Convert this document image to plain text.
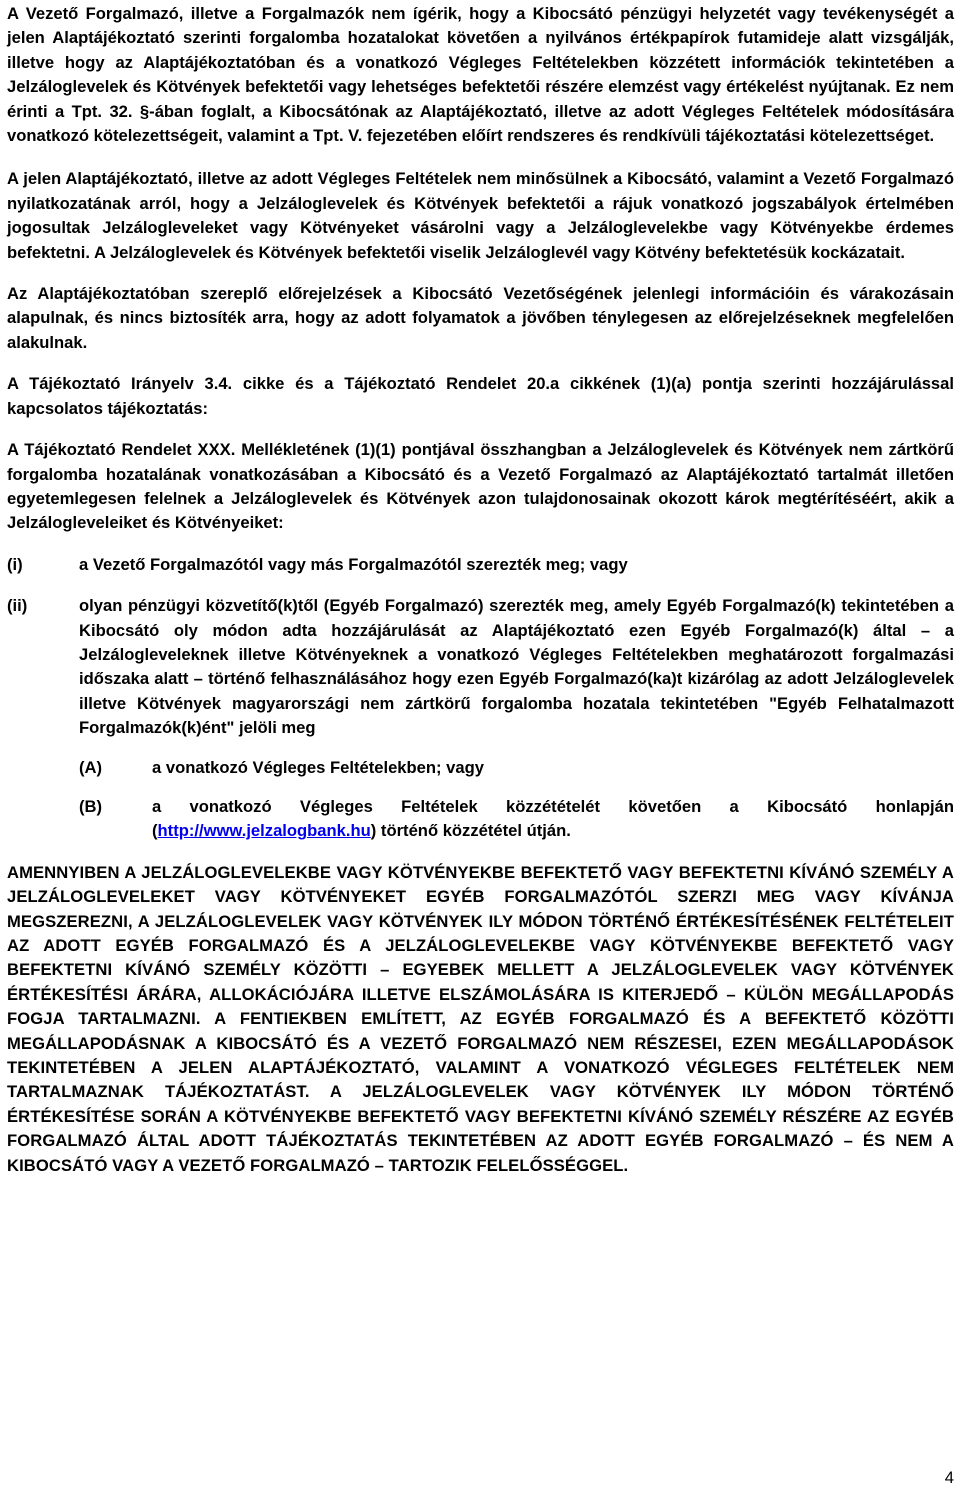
A Vezető Forgalmazó, illetve a Forgalmazók nem ígérik, hogy a Kibocsátó pénzügyi helyzetét vagy tevékenységét a jelen Alaptájékoztató szerinti forgalomba hozatalokat követően a nyilvános értékpapírok futamideje alatt vizsgálják, illetve hogy az Alaptájékoztatóban és a vonatkozó Végleges Feltételekben közzétett információk tekintetében a Jelzáloglevelek és Kötvények befektetői vagy lehetséges befektetői részére elemzést vagy értékelést nyújtanak. Ez nem érinti a Tpt. 32. §-ában foglalt, a Kibocsátónak az Alaptájékoztató, illetve az adott Végleges Feltételek módosítására vonatkozó kötelezettségeit, valamint a Tpt. V. fejezetében előírt rendszeres és rendkívüli tájékoztatási kötelezettséget.

A jelen Alaptájékoztató, illetve az adott Végleges Feltételek nem minősülnek a Kibocsátó, valamint a Vezető Forgalmazó nyilatkozatának arról, hogy a Jelzáloglevelek és Kötvények befektetői a rájuk vonatkozó jogszabályok értelmében jogosultak Jelzálogleveleket vagy Kötvényeket vásárolni vagy a Jelzáloglevelekbe vagy Kötvényekbe érdemes befektetni. A Jelzáloglevelek és Kötvények befektetői viselik Jelzáloglevél vagy Kötvény befektetésük kockázatait.

Az Alaptájékoztatóban szereplő előrejelzések a Kibocsátó Vezetőségének jelenlegi információin és várakozásain alapulnak, és nincs biztosíték arra, hogy az adott folyamatok a jövőben ténylegesen az előrejelzéseknek megfelelően alakulnak.

A Tájékoztató Irányelv 3.4. cikke és a Tájékoztató Rendelet 20.a cikkének (1)(a) pontja szerinti hozzájárulással kapcsolatos tájékoztatás:

A Tájékoztató Rendelet XXX. Mellékletének (1)(1) pontjával összhangban a Jelzáloglevelek és Kötvények nem zártkörű forgalomba hozatalának vonatkozásában a Kibocsátó és a Vezető Forgalmazó az Alaptájékoztató tartalmát illetően egyetemlegesen felelnek a Jelzáloglevelek és Kötvények azon tulajdonosainak okozott károk megtérítéséért, akik a Jelzálogleveleiket és Kötvényeiket:

(i)	a Vezető Forgalmazótól vagy más Forgalmazótól szerezték meg; vagy
(ii)	olyan pénzügyi közvetítő(k)től (Egyéb Forgalmazó) szerezték meg, amely Egyéb Forgalmazó(k) tekintetében a Kibocsátó oly módon adta hozzájárulását az Alaptájékoztató ezen Egyéb Forgalmazó(k) által – a Jelzálogleveleknek illetve Kötvényeknek a vonatkozó Végleges Feltételekben meghatározott forgalmazási időszaka alatt – történő felhasználásához hogy ezen Egyéb Forgalmazó(ka)t kizárólag az adott Jelzáloglevelek illetve Kötvények magyarországi nem zártkörű forgalomba hozatala tekintetében "Egyéb Felhatalmazott Forgalmazók(k)ént" jelöli meg
(A)	a vonatkozó Végleges Feltételekben; vagy
(B)	a vonatkozó Végleges Feltételek közzétételét követően a Kibocsátó honlapján (http://www.jelzalogbank.hu) történő közzététel útján.

AMENNYIBEN A JELZÁLOGLEVELEKBE VAGY KÖTVÉNYEKBE BEFEKTETŐ VAGY BEFEKTETNI KÍVÁNÓ SZEMÉLY A JELZÁLOGLEVELEKET VAGY KÖTVÉNYEKET EGYÉB FORGALMAZÓTÓL SZERZI MEG VAGY KÍVÁNJA MEGSZEREZNI, A JELZÁLOGLEVELEK VAGY KÖTVÉNYEK ILY MÓDON TÖRTÉNŐ ÉRTÉKESÍTÉSÉNEK FELTÉTELEIT AZ ADOTT EGYÉB FORGALMAZÓ ÉS A JELZÁLOGLEVELEKBE VAGY KÖTVÉNYEKBE BEFEKTETŐ VAGY BEFEKTETNI KÍVÁNÓ SZEMÉLY KÖZÖTTI – EGYEBEK MELLETT A JELZÁLOGLEVELEK VAGY KÖTVÉNYEK ÉRTÉKESÍTÉSI ÁRÁRA, ALLOKÁCIÓJÁRA ILLETVE ELSZÁMOLÁSÁRA IS KITERJEDŐ – KÜLÖN MEGÁLLAPODÁS FOGJA TARTALMAZNI. A FENTIEKBEN EMLÍTETT, AZ EGYÉB FORGALMAZÓ ÉS A BEFEKTETŐ KÖZÖTTI MEGÁLLAPODÁSNAK A KIBOCSÁTÓ ÉS A VEZETŐ FORGALMAZÓ NEM RÉSZESEI, EZEN MEGÁLLAPODÁSOK TEKINTETÉBEN A JELEN ALAPTÁJÉKOZTATÓ, VALAMINT A VONATKOZÓ VÉGLEGES FELTÉTELEK NEM TARTALMAZNAK TÁJÉKOZTATÁST. A JELZÁLOGLEVELEK VAGY KÖTVÉNYEK ILY MÓDON TÖRTÉNŐ ÉRTÉKESÍTÉSE SORÁN A KÖTVÉNYEKBE BEFEKTETŐ VAGY BEFEKTETNI KÍVÁNÓ SZEMÉLY RÉSZÉRE AZ EGYÉB FORGALMAZÓ ÁLTAL ADOTT TÁJÉKOZTATÁS TEKINTETÉBEN AZ ADOTT EGYÉB FORGALMAZÓ – ÉS NEM A KIBOCSÁTÓ VAGY A VEZETŐ FORGALMAZÓ – TARTOZIK FELELŐSSÉGGEL.

4
